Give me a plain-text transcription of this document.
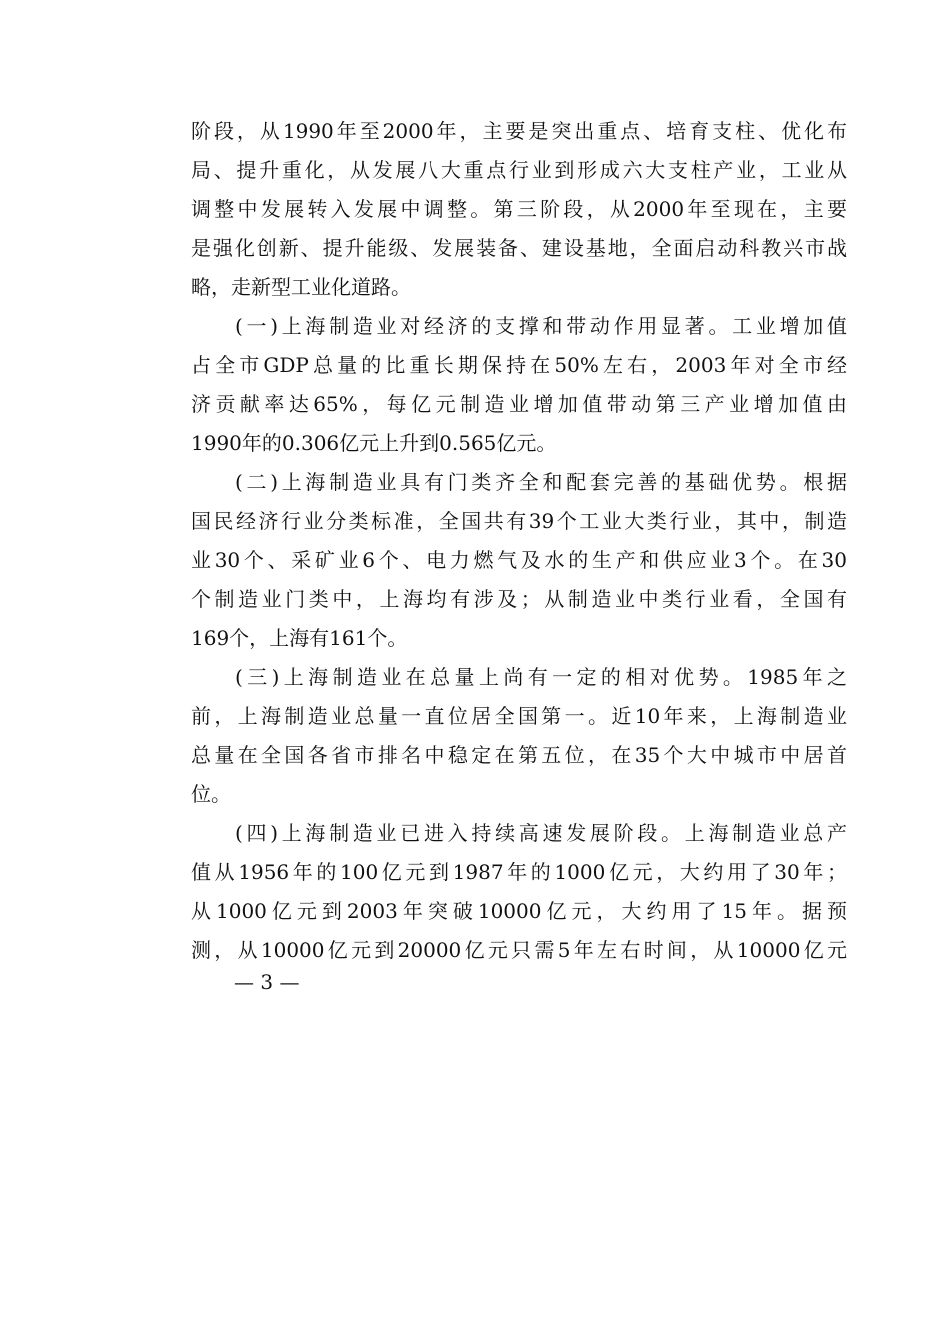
阶段，从1990年至2000年，主要是突出重点、培育支柱、优化布
局、提升重化，从发展八大重点行业到形成六大支柱产业，工业从
调整中发展转入发展中调整。第三阶段，从2000年至现在，主要
是强化创新、提升能级、发展装备、建设基地，全面启动科教兴市战
略，走新型工业化道路。
(一)上海制造业对经济的支撑和带动作用显著。工业增加值
占全市GDP总量的比重长期保持在50%左右，2003年对全市经
济贡献率达65%，每亿元制造业增加值带动第三产业增加值由
1990年的0.306亿元上升到0.565亿元。
(二)上海制造业具有门类齐全和配套完善的基础优势。根据
国民经济行业分类标准，全国共有39个工业大类行业，其中，制造
业30个、采矿业6个、电力燃气及水的生产和供应业3个。在30
个制造业门类中，上海均有涉及；从制造业中类行业看，全国有
169个，上海有161个。
(三)上海制造业在总量上尚有一定的相对优势。1985年之
前，上海制造业总量一直位居全国第一。近10年来，上海制造业
总量在全国各省市排名中稳定在第五位，在35个大中城市中居首
位。
(四)上海制造业已进入持续高速发展阶段。上海制造业总产
值从1956年的100亿元到1987年的1000亿元，大约用了30年；
从1000亿元到2003年突破10000亿元，大约用了15年。据预
测，从10000亿元到20000亿元只需5年左右时间，从10000亿元
— 3 —
